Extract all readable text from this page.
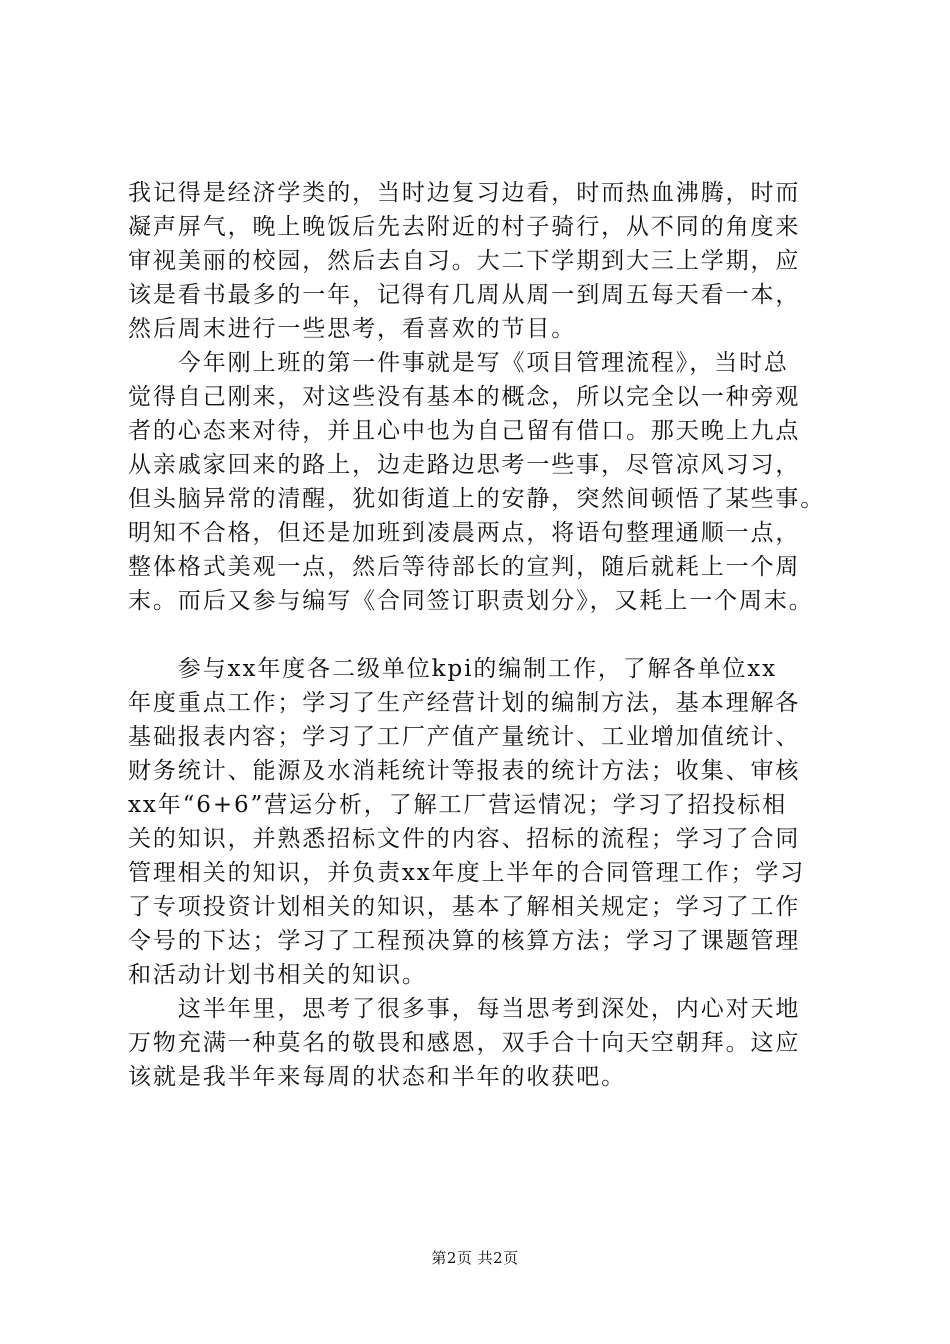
我记得是经济学类的，当时边复习边看，时而热血沸腾，时而
凝声屏气，晚上晚饭后先去附近的村子骑行，从不同的角度来
审视美丽的校园，然后去自习。大二下学期到大三上学期，应
该是看书最多的一年，记得有几周从周一到周五每天看一本，
然后周末进行一些思考，看喜欢的节目。
　　今年刚上班的第一件事就是写《项目管理流程》，当时总
觉得自己刚来，对这些没有基本的概念，所以完全以一种旁观
者的心态来对待，并且心中也为自己留有借口。那天晚上九点
从亲戚家回来的路上，边走路边思考一些事，尽管凉风习习，
但头脑异常的清醒，犹如街道上的安静，突然间顿悟了某些事。
明知不合格，但还是加班到凌晨两点，将语句整理通顺一点，
整体格式美观一点，然后等待部长的宣判，随后就耗上一个周
末。而后又参与编写《合同签订职责划分》，又耗上一个周末。
　　参与xx年度各二级单位kpi的编制工作，了解各单位xx
年度重点工作；学习了生产经营计划的编制方法，基本理解各
基础报表内容；学习了工厂产值产量统计、工业增加值统计、
财务统计、能源及水消耗统计等报表的统计方法；收集、审核
xx年“6+6”营运分析，了解工厂营运情况；学习了招投标相
关的知识，并熟悉招标文件的内容、招标的流程；学习了合同
管理相关的知识，并负责xx年度上半年的合同管理工作；学习
了专项投资计划相关的知识，基本了解相关规定；学习了工作
令号的下达；学习了工程预决算的核算方法；学习了课题管理
和活动计划书相关的知识。
　　这半年里，思考了很多事，每当思考到深处，内心对天地
万物充满一种莫名的敬畏和感恩，双手合十向天空朝拜。这应
该就是我半年来每周的状态和半年的收获吧。
第2页 共2页
